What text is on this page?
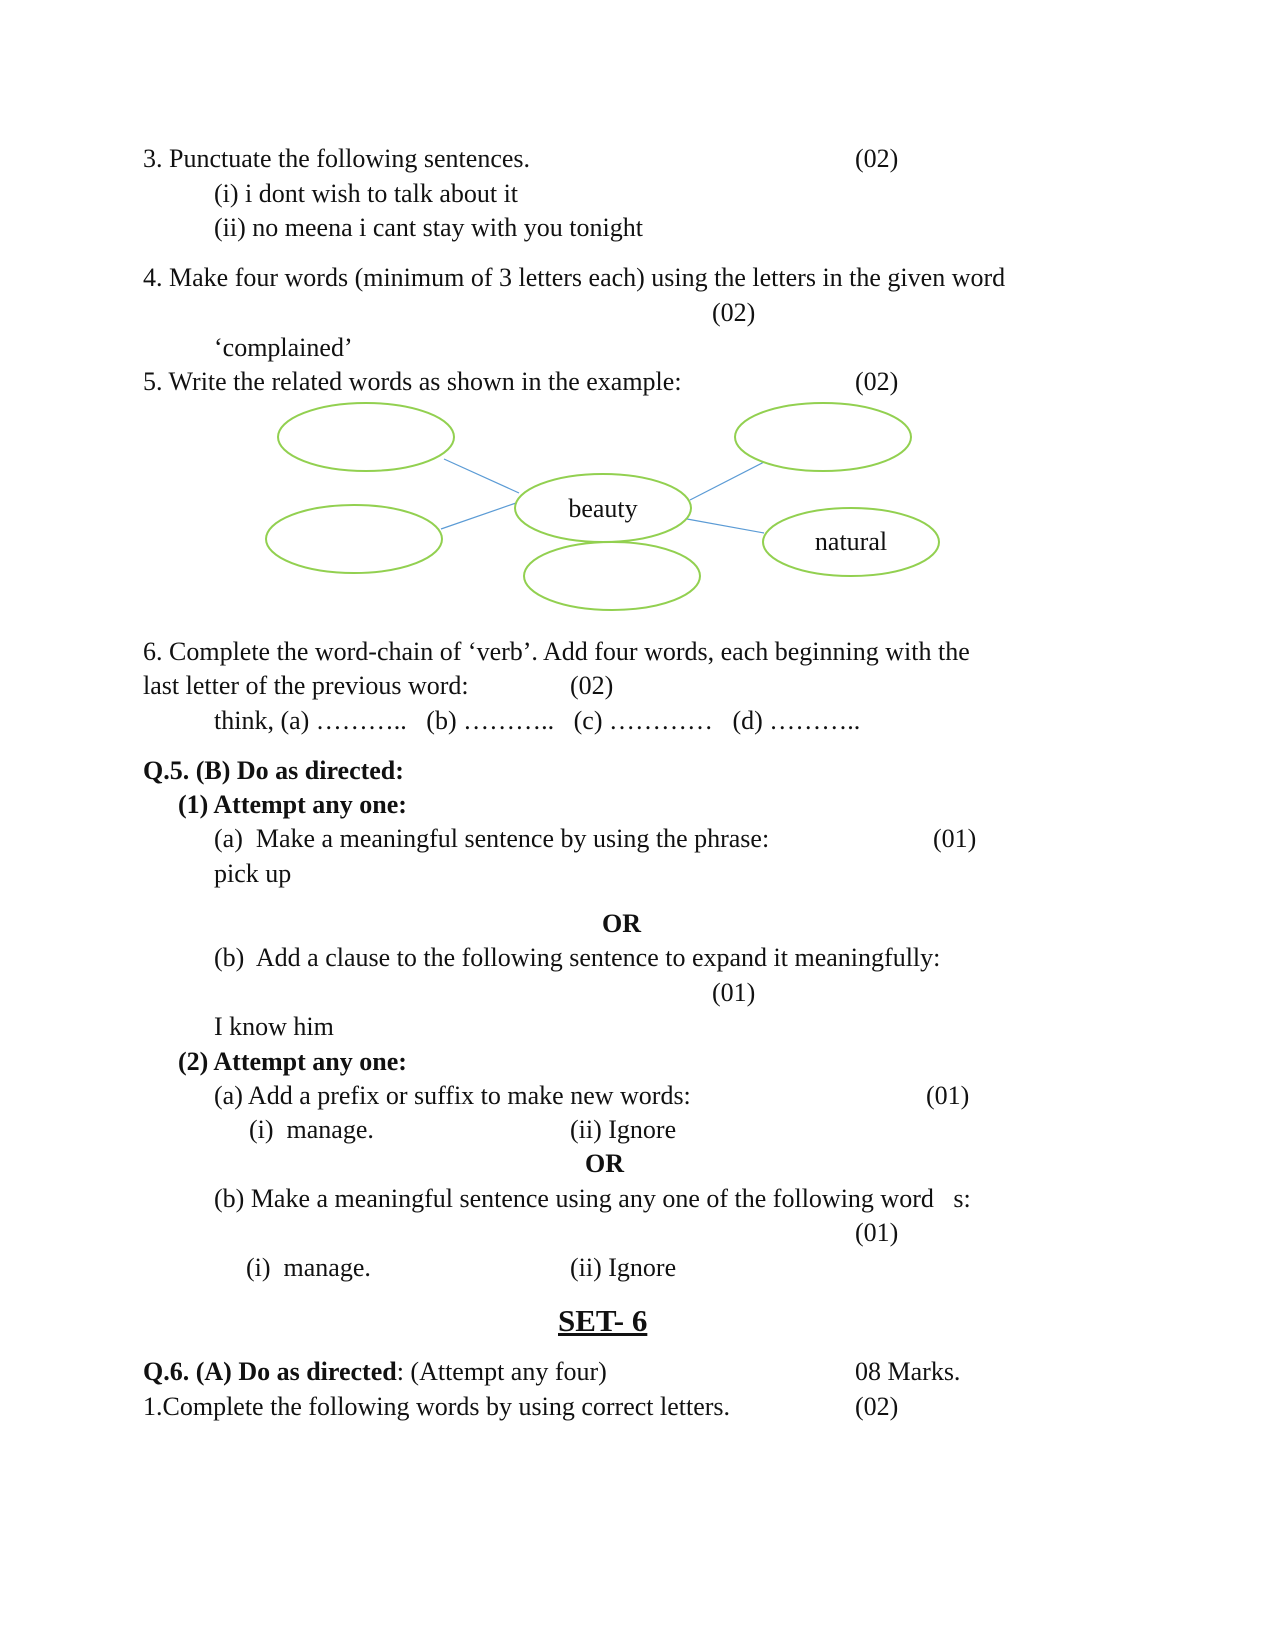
3. Punctuate the following sentences.	(02)
(i) i dont wish to talk about it
(ii) no meena i cant stay with you tonight
4. Make four words (minimum of 3 letters each) using the letters in the given word
(02)
‘complained’
5. Write the related words as shown in the example:	(02)
beauty
natural
6. Complete the word-chain of ‘verb’. Add four words, each beginning with the
last letter of the previous word:	(02)
think, (a) ………..   (b) ………..   (c) …………   (d) ………..
Q.5. (B) Do as directed:
(1) Attempt any one:
(a)  Make a meaningful sentence by using the phrase:	(01)
pick up
OR
(b)  Add a clause to the following sentence to expand it meaningfully:
(01)
I know him
(2) Attempt any one:
(a) Add a prefix or suffix to make new words:	(01)
(i)  manage.	(ii) Ignore
OR
(b) Make a meaningful sentence using any one of the following word   s:
(01)
(i)  manage.	(ii) Ignore
SET- 6
Q.6. (A) Do as directed: (Attempt any four)	08 Marks.
1.Complete the following words by using correct letters.	(02)
